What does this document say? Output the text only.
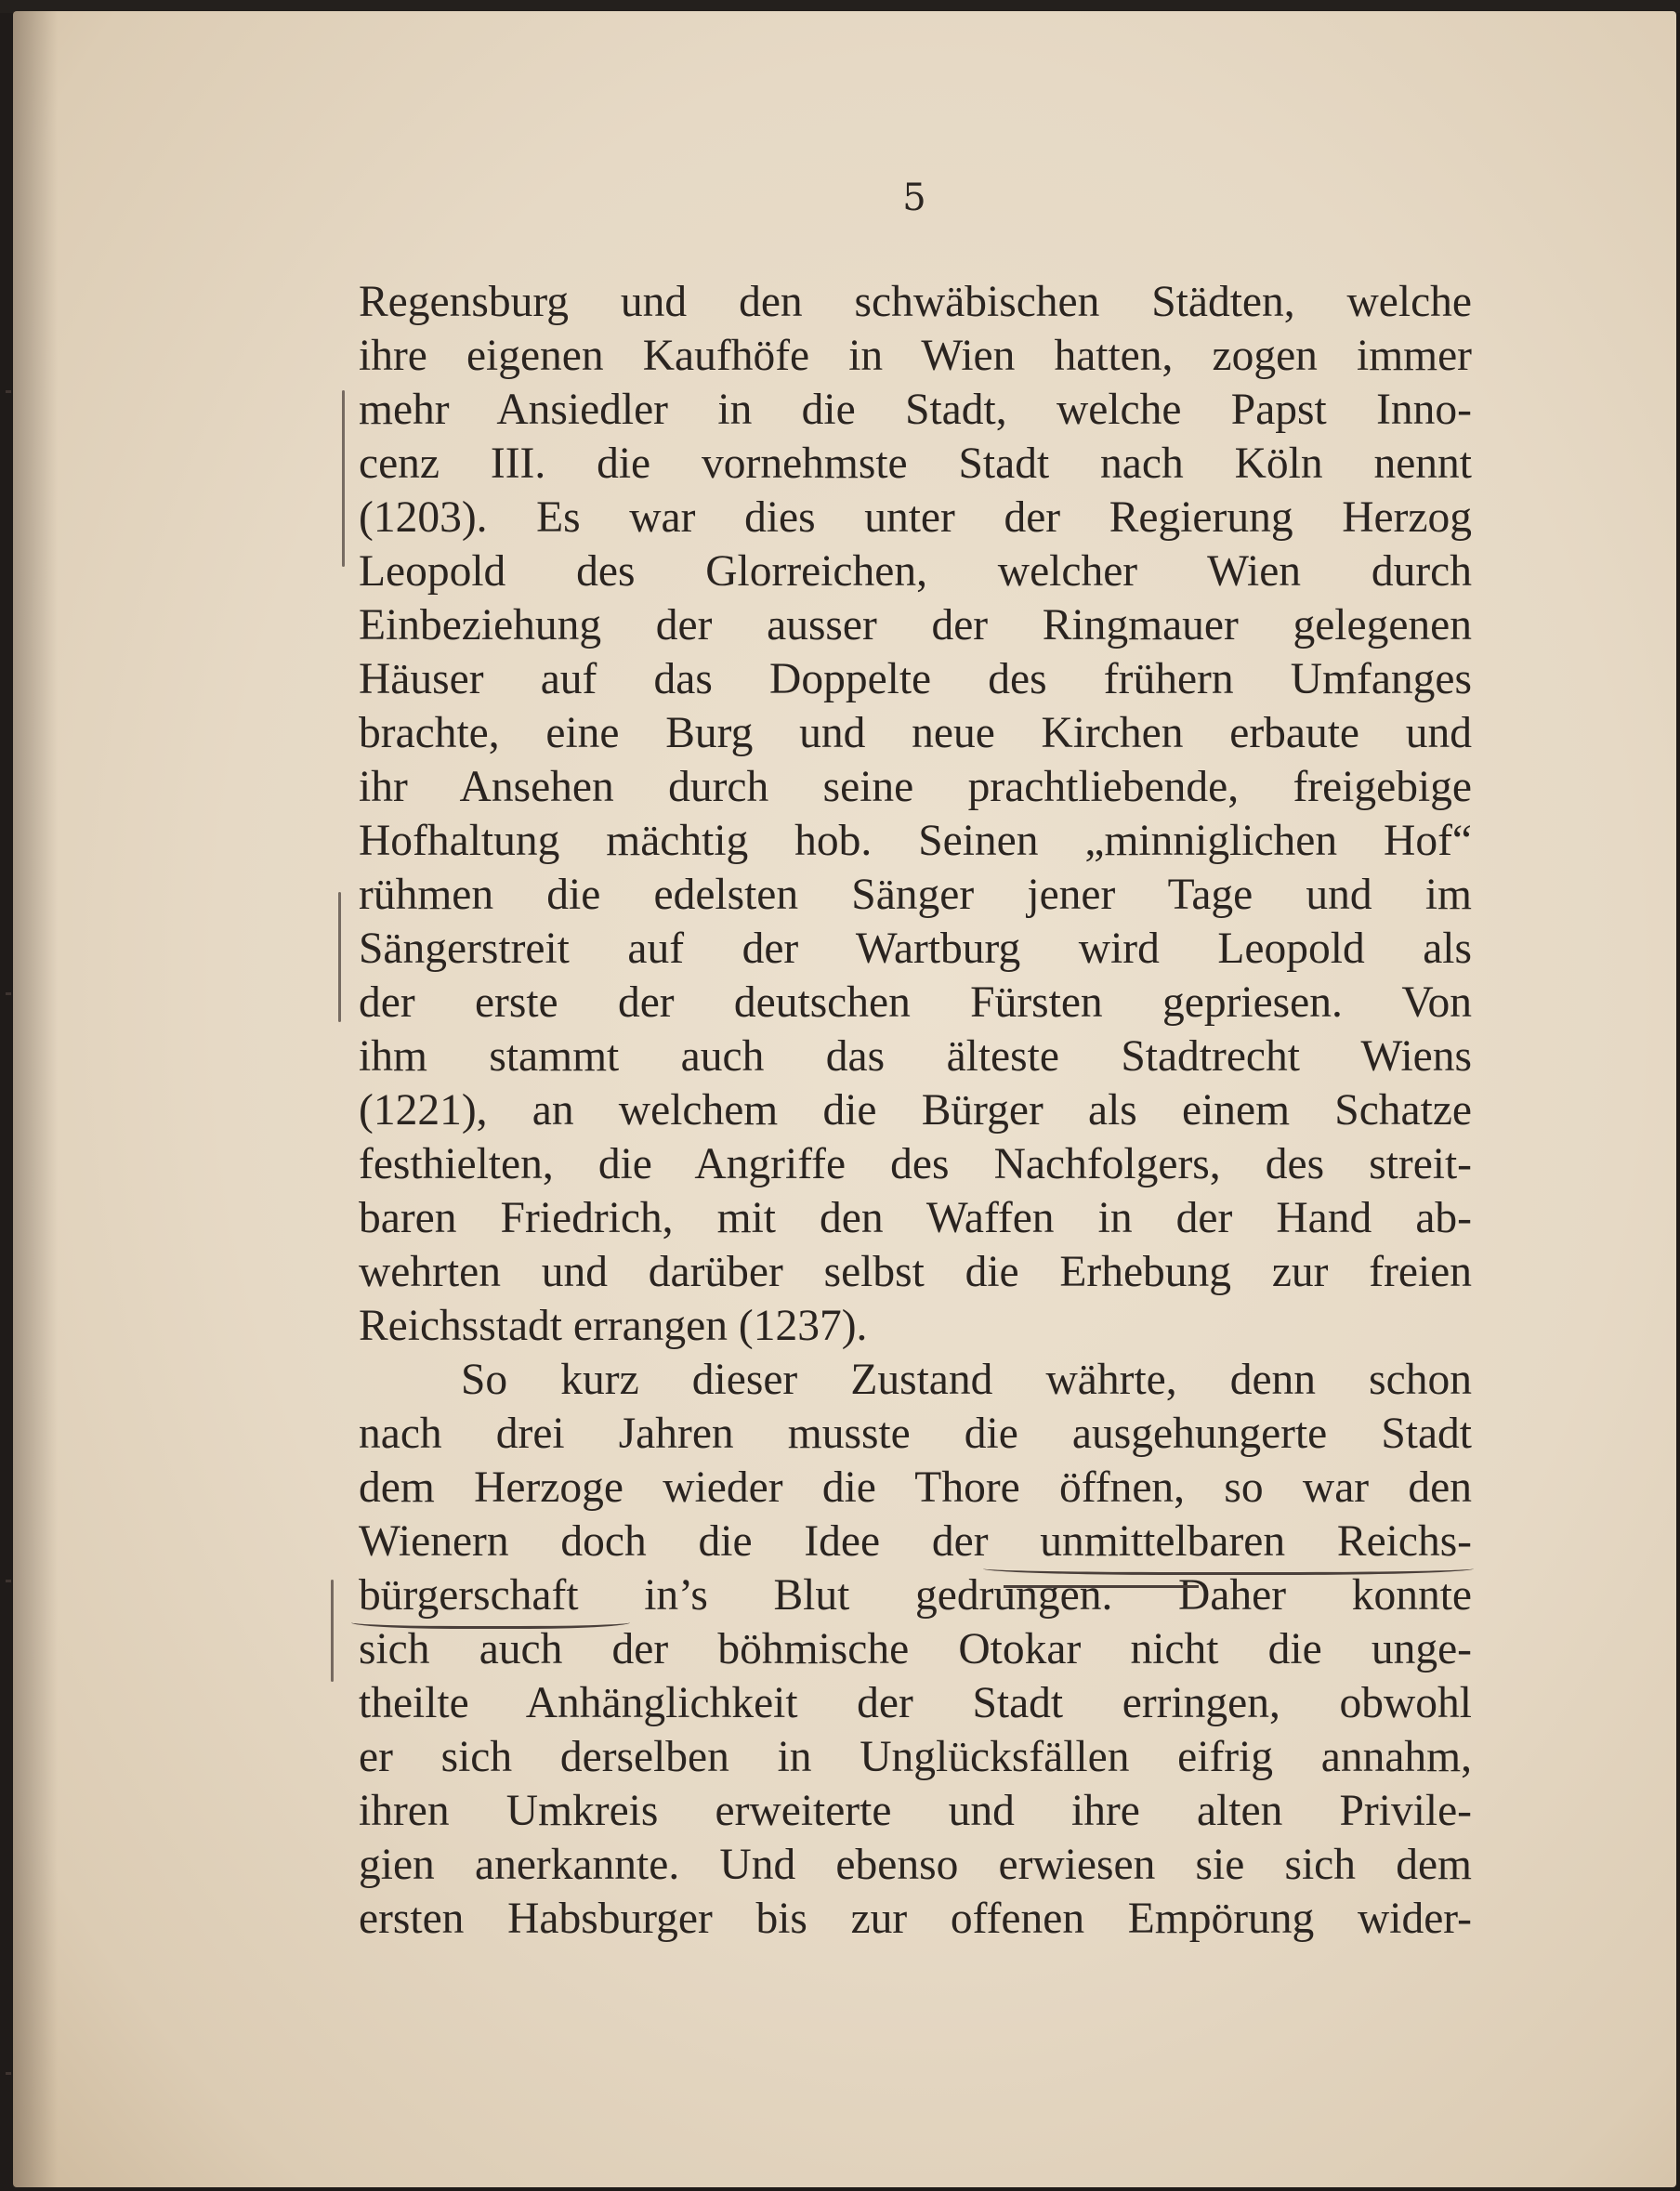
5
Regensburg und den schwäbischen Städten, welche
ihre eigenen Kaufhöfe in Wien hatten, zogen immer
mehr Ansiedler in die Stadt, welche Papst Inno-
cenz III. die vornehmste Stadt nach Köln nennt
(1203). Es war dies unter der Regierung Herzog
Leopold des Glorreichen, welcher Wien durch
Einbeziehung der ausser der Ringmauer gelegenen
Häuser auf das Doppelte des frühern Umfanges
brachte, eine Burg und neue Kirchen erbaute und
ihr Ansehen durch seine prachtliebende, freigebige
Hofhaltung mächtig hob. Seinen „minniglichen Hof“
rühmen die edelsten Sänger jener Tage und im
Sängerstreit auf der Wartburg wird Leopold als
der erste der deutschen Fürsten gepriesen. Von
ihm stammt auch das älteste Stadtrecht Wiens
(1221), an welchem die Bürger als einem Schatze
festhielten, die Angriffe des Nachfolgers, des streit-
baren Friedrich, mit den Waffen in der Hand ab-
wehrten und darüber selbst die Erhebung zur freien
Reichsstadt errangen (1237).
So kurz dieser Zustand währte, denn schon
nach drei Jahren musste die ausgehungerte Stadt
dem Herzoge wieder die Thore öffnen, so war den
Wienern doch die Idee der unmittelbaren Reichs-
bürgerschaft in’s Blut gedrungen. Daher konnte
sich auch der böhmische Otokar nicht die unge-
theilte Anhänglichkeit der Stadt erringen, obwohl
er sich derselben in Unglücksfällen eifrig annahm,
ihren Umkreis erweiterte und ihre alten Privile-
gien anerkannte. Und ebenso erwiesen sie sich dem
ersten Habsburger bis zur offenen Empörung wider-
